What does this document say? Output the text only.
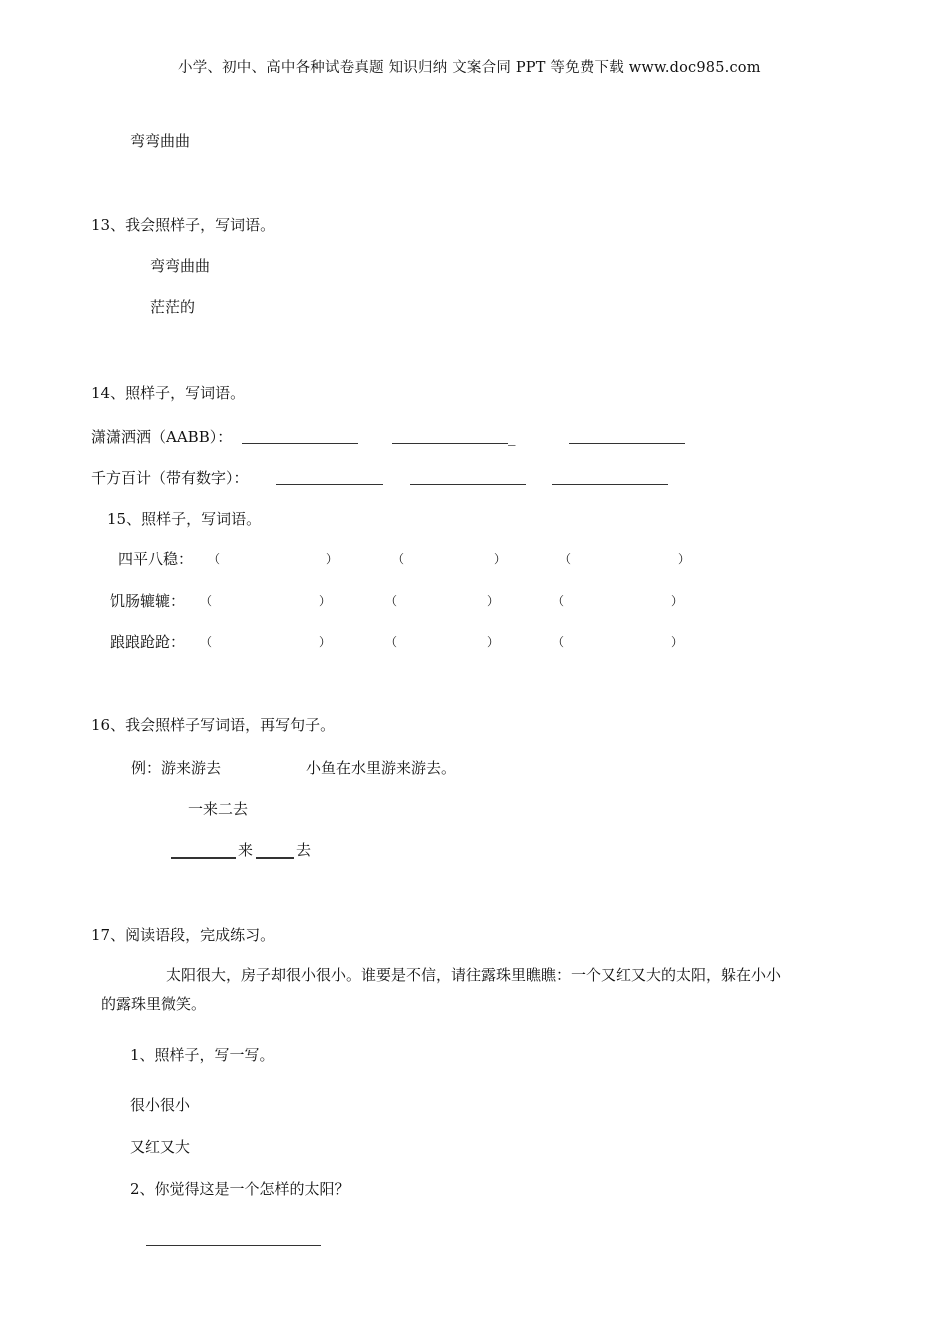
小学、初中、高中各种试卷真题 知识归纳 文案合同 PPT 等免费下载 www.doc985.com
弯弯曲曲
13、我会照样子，写词语。
弯弯曲曲
茫茫的
14、照样子，写词语。
潇潇洒洒（AABB）：	_
千方百计（带有数字）：
15、照样子，写词语。
四平八稳： （	）	（	）	（	）
饥肠辘辘： （	）	（	）	（	）
踉踉跄跄： （	）	（	）	（	）
16、我会照样子写词语，再写句子。
例：游来游去	小鱼在水里游来游去。
一来二去
来	去
17、阅读语段，完成练习。
太阳很大，房子却很小很小。谁要是不信，请往露珠里瞧瞧：一个又红又大的太阳，躲在小小
的露珠里微笑。
1、照样子，写一写。
很小很小
又红又大
2、你觉得这是一个怎样的太阳？
